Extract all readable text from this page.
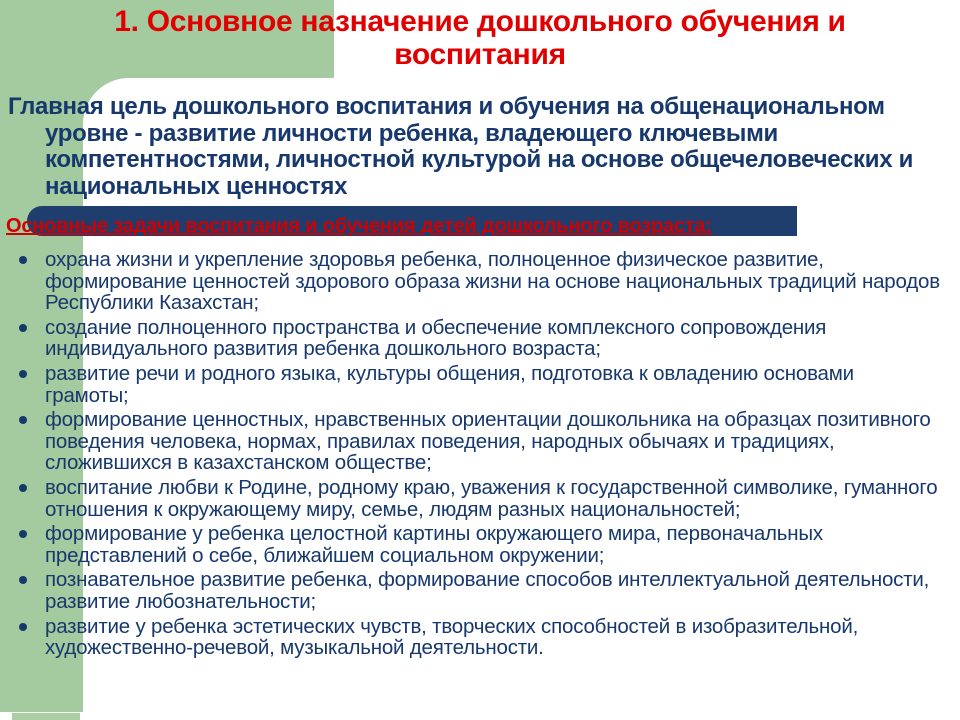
1. Основное назначение дошкольного обучения и
воспитания
Главная цель дошкольного воспитания и обучения на общенациональном уровне - развитие личности ребенка, владеющего ключевыми компетентностями, личностной культурой на основе общечеловеческих и национальных ценностях
Основные задачи воспитания и обучения детей дошкольного возраста:
охрана жизни и укрепление здоровья ребенка, полноценное физическое развитие, формирование ценностей здорового образа жизни на основе национальных традиций народов Республики Казахстан;
создание полноценного пространства и обеспечение комплексного сопровождения индивидуального развития ребенка дошкольного возраста;
развитие речи и родного языка, культуры общения, подготовка к овладению основами грамоты;
формирование ценностных, нравственных ориентации дошкольника на образцах позитивного поведения человека, нормах, правилах поведения, народных обычаях и традициях, сложившихся в казахстанском обществе;
воспитание любви к Родине, родному краю, уважения к государственной символике, гуманного отношения к окружающему миру, семье, людям разных национальностей;
формирование у ребенка целостной картины окружающего мира, первоначальных представлений о себе, ближайшем социальном окружении;
познавательное развитие ребенка, формирование способов интеллектуальной деятельности, развитие любознательности;
развитие у ребенка эстетических чувств, творческих способностей в изобразительной, художественно-речевой, музыкальной деятельности.
